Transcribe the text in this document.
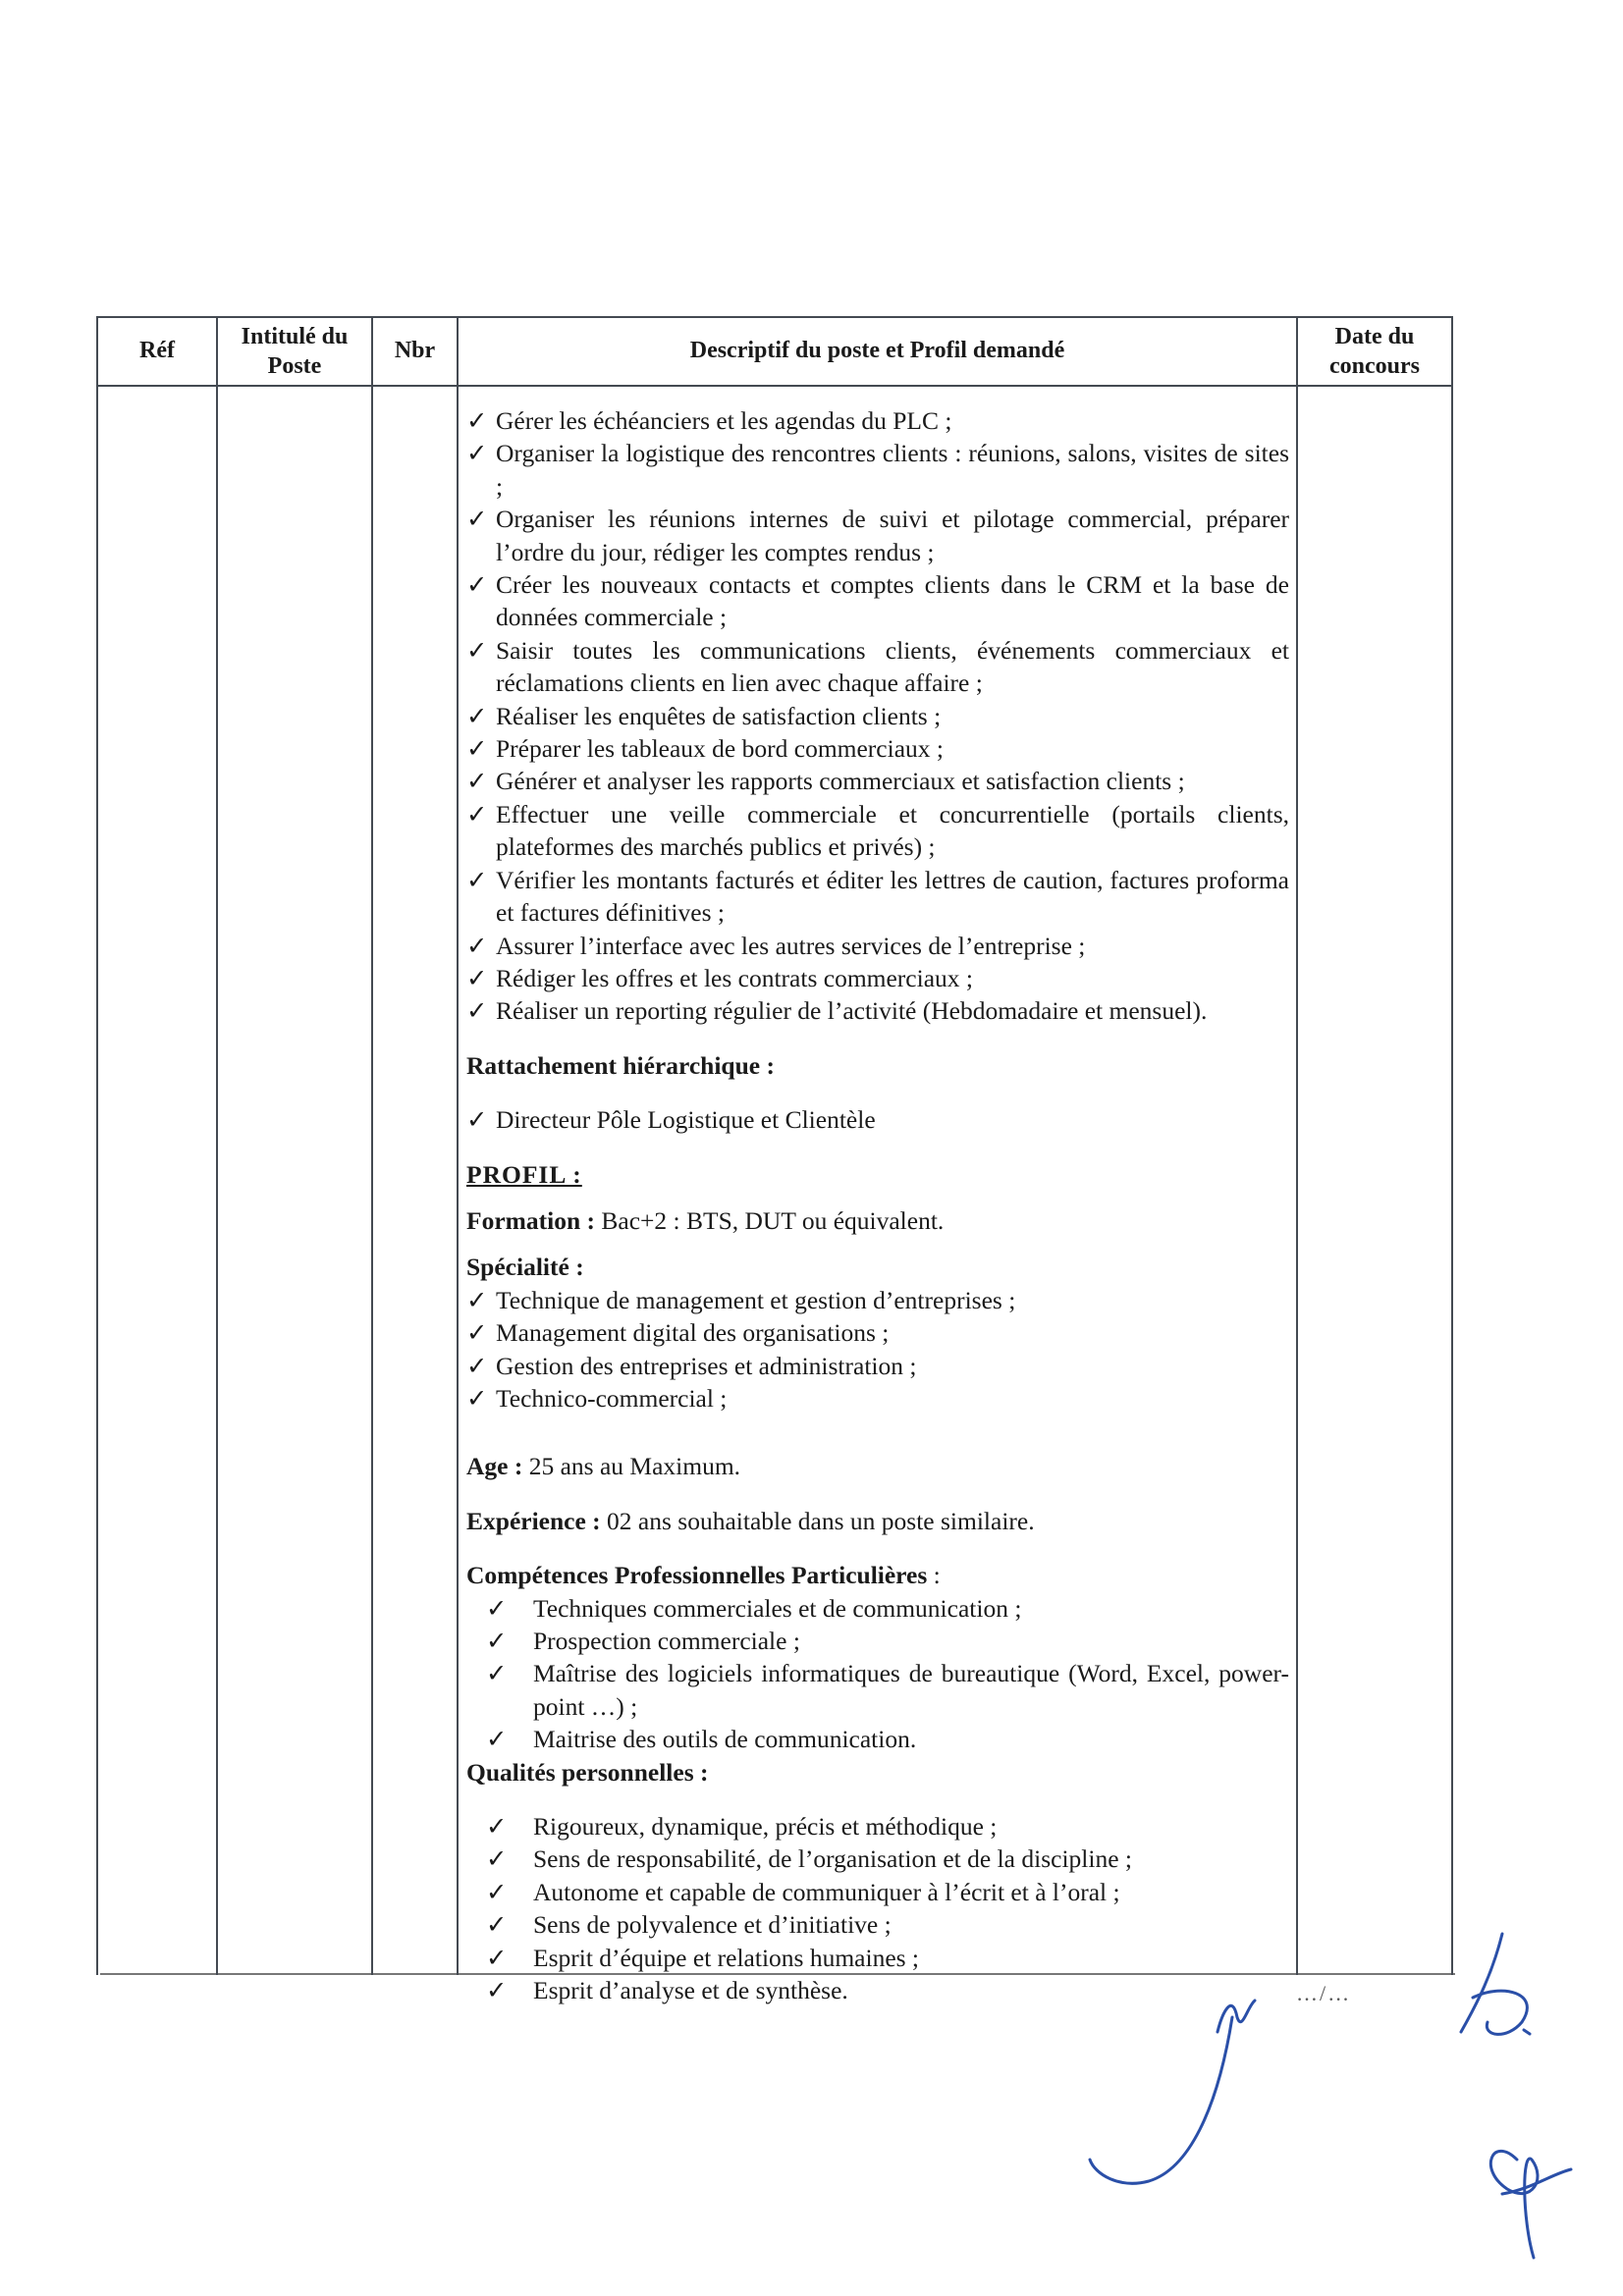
Réf
Intitulé du Poste
Nbr	Descriptif du poste et Profil demandé
Date du concours
✓ Gérer les échéanciers et les agendas du PLC ;
✓ Organiser la logistique des rencontres clients : réunions, salons, visites de sites ;
✓ Organiser les réunions internes de suivi et pilotage commercial, préparer l’ordre du jour, rédiger les comptes rendus ;
✓ Créer les nouveaux contacts et comptes clients dans le CRM et la base de données commerciale ;
✓ Saisir toutes les communications clients, événements commerciaux et réclamations clients en lien avec chaque affaire ;
✓ Réaliser les enquêtes de satisfaction clients ;
✓ Préparer les tableaux de bord commerciaux ;
✓ Générer et analyser les rapports commerciaux et satisfaction clients ;
✓ Effectuer une veille commerciale et concurrentielle (portails clients, plateformes des marchés publics et privés) ;
✓ Vérifier les montants facturés et éditer les lettres de caution, factures proforma et factures définitives ;
✓ Assurer l’interface avec les autres services de l’entreprise ;
✓ Rédiger les offres et les contrats commerciaux ;
✓ Réaliser un reporting régulier de l’activité (Hebdomadaire et mensuel).

Rattachement hiérarchique :

✓ Directeur Pôle Logistique et Clientèle
PROFIL :
Formation : Bac+2 : BTS, DUT ou équivalent.
Spécialité :
✓ Technique de management et gestion d’entreprises ;
✓ Management digital des organisations ;
✓ Gestion des entreprises et administration ;
✓ Technico-commercial ;
Age : 25 ans au Maximum.
Expérience : 02 ans souhaitable dans un poste similaire.
Compétences Professionnelles Particulières :
✓ Techniques commerciales et de communication ;
✓ Prospection commerciale ;
✓ Maîtrise des logiciels informatiques de bureautique (Word, Excel, power-point …) ;
✓ Maitrise des outils de communication.
Qualités personnelles :
✓ Rigoureux, dynamique, précis et méthodique ;
✓ Sens de responsabilité, de l’organisation et de la discipline ;
✓ Autonome et capable de communiquer à l’écrit et à l’oral ;
✓ Sens de polyvalence et d’initiative ;
✓ Esprit d’équipe et relations humaines ;
✓ Esprit d’analyse et de synthèse.	…/…
